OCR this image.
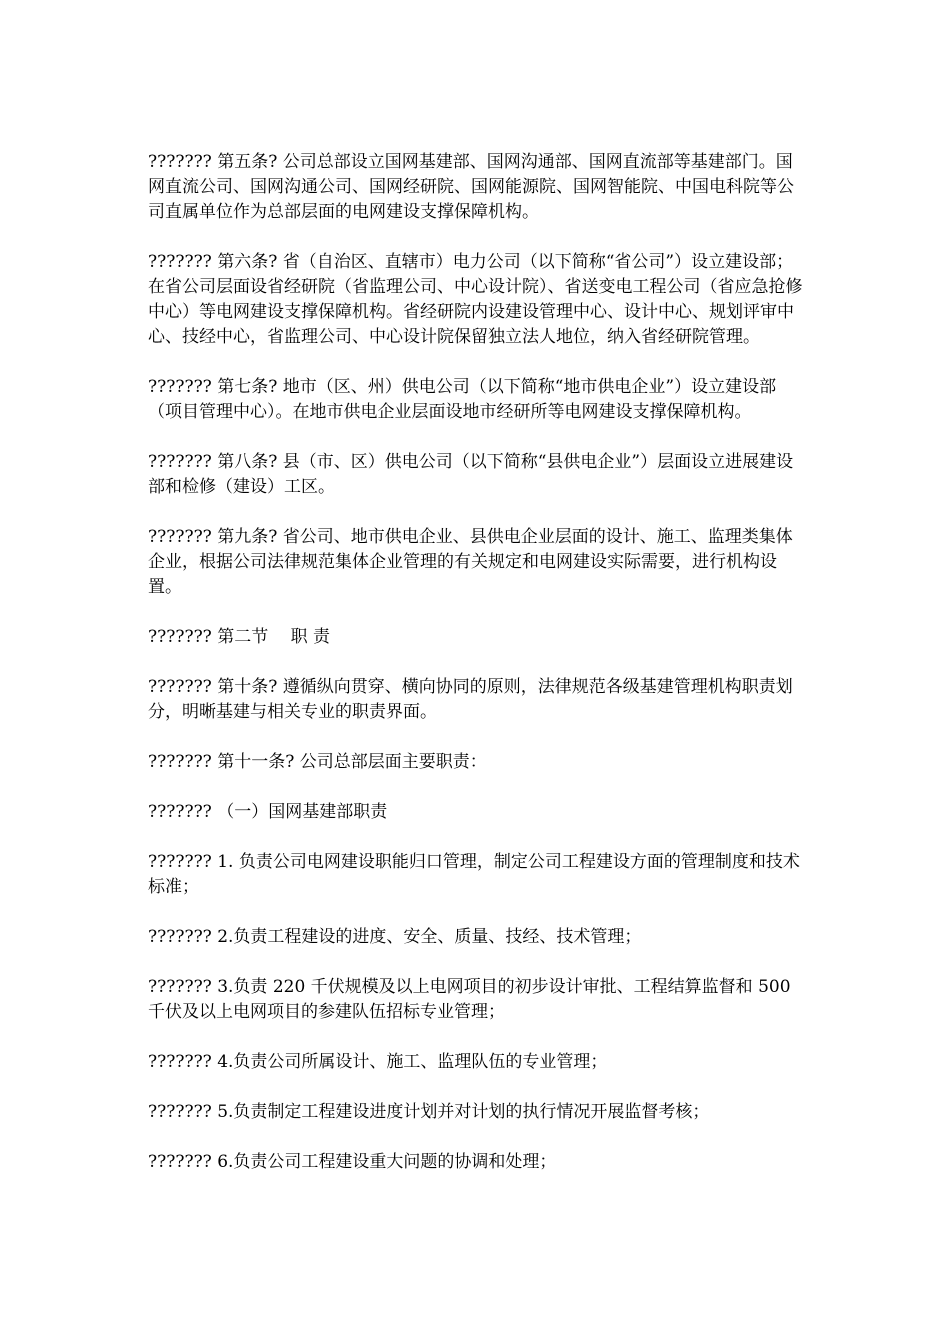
??????? 第五条? 公司总部设立国网基建部、国网沟通部、国网直流部等基建部门。国网直流公司、国网沟通公司、国网经研院、国网能源院、国网智能院、中国电科院等公司直属单位作为总部层面的电网建设支撑保障机构。

??????? 第六条? 省（自治区、直辖市）电力公司（以下简称“省公司”）设立建设部；在省公司层面设省经研院（省监理公司、中心设计院）、省送变电工程公司（省应急抢修中心）等电网建设支撑保障机构。省经研院内设建设管理中心、设计中心、规划评审中心、技经中心，省监理公司、中心设计院保留独立法人地位，纳入省经研院管理。

??????? 第七条? 地市（区、州）供电公司（以下简称“地市供电企业”）设立建设部（项目管理中心）。在地市供电企业层面设地市经研所等电网建设支撑保障机构。

??????? 第八条? 县（市、区）供电公司（以下简称“县供电企业”）层面设立进展建设部和检修（建设）工区。

??????? 第九条? 省公司、地市供电企业、县供电企业层面的设计、施工、监理类集体企业，根据公司法律规范集体企业管理的有关规定和电网建设实际需要，进行机构设置。

??????? 第二节　 职 责

??????? 第十条? 遵循纵向贯穿、横向协同的原则，法律规范各级基建管理机构职责划分，明晰基建与相关专业的职责界面。

??????? 第十一条? 公司总部层面主要职责：

??????? （一）国网基建部职责

??????? 1. 负责公司电网建设职能归口管理，制定公司工程建设方面的管理制度和技术标准；

??????? 2.负责工程建设的进度、安全、质量、技经、技术管理；

??????? 3.负责 220 千伏规模及以上电网项目的初步设计审批、工程结算监督和 500 千伏及以上电网项目的参建队伍招标专业管理；

??????? 4.负责公司所属设计、施工、监理队伍的专业管理；

??????? 5.负责制定工程建设进度计划并对计划的执行情况开展监督考核；

??????? 6.负责公司工程建设重大问题的协调和处理；
